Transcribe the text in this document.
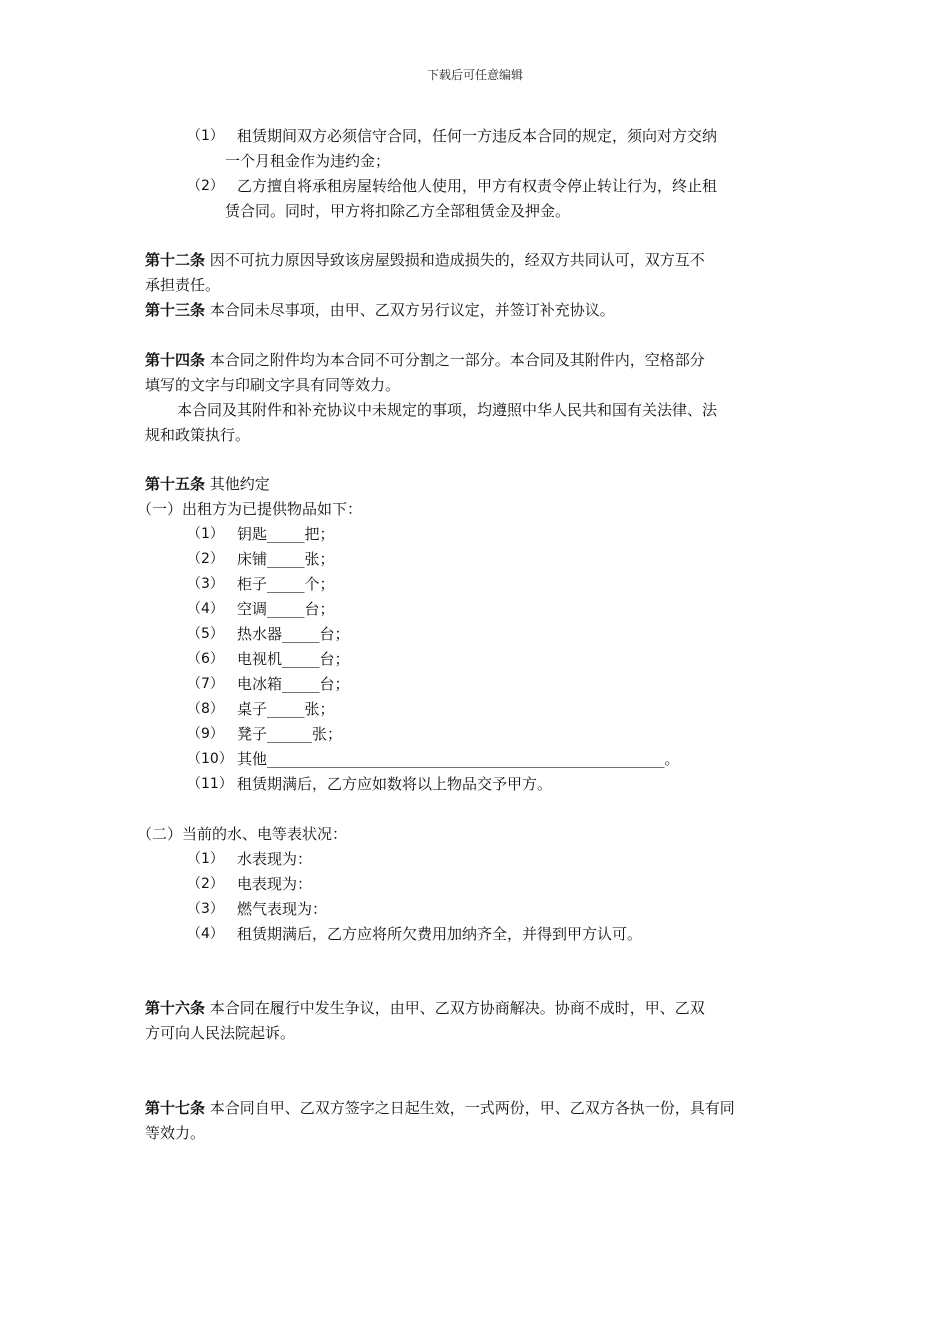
下载后可任意编辑
（1） 租赁期间双方必须信守合同，任何一方违反本合同的规定，须向对方交纳
一个月租金作为违约金；
（2） 乙方擅自将承租房屋转给他人使用，甲方有权责令停止转让行为，终止租
赁合同。同时，甲方将扣除乙方全部租赁金及押金。
第十二条 因不可抗力原因导致该房屋毁损和造成损失的，经双方共同认可，双方互不
承担责任。
第十三条 本合同未尽事项，由甲、乙双方另行议定，并签订补充协议。
第十四条 本合同之附件均为本合同不可分割之一部分。本合同及其附件内，空格部分
填写的文字与印刷文字具有同等效力。
本合同及其附件和补充协议中未规定的事项，均遵照中华人民共和国有关法律、法
规和政策执行。
第十五条 其他约定
（一）出租方为已提供物品如下：
（1） 钥匙_____把；
（2） 床铺_____张；
（3） 柜子_____个；
（4） 空调_____台；
（5） 热水器_____台；
（6） 电视机_____台；
（7） 电冰箱_____台；
（8） 桌子_____张；
（9） 凳子______张；
（10） 其他_____________________________________________________。
（11） 租赁期满后，乙方应如数将以上物品交予甲方。
（二）当前的水、电等表状况：
（1） 水表现为：
（2） 电表现为：
（3） 燃气表现为：
（4） 租赁期满后，乙方应将所欠费用加纳齐全，并得到甲方认可。
第十六条 本合同在履行中发生争议，由甲、乙双方协商解决。协商不成时，甲、乙双
方可向人民法院起诉。
第十七条 本合同自甲、乙双方签字之日起生效，一式两份，甲、乙双方各执一份，具有同
等效力。
